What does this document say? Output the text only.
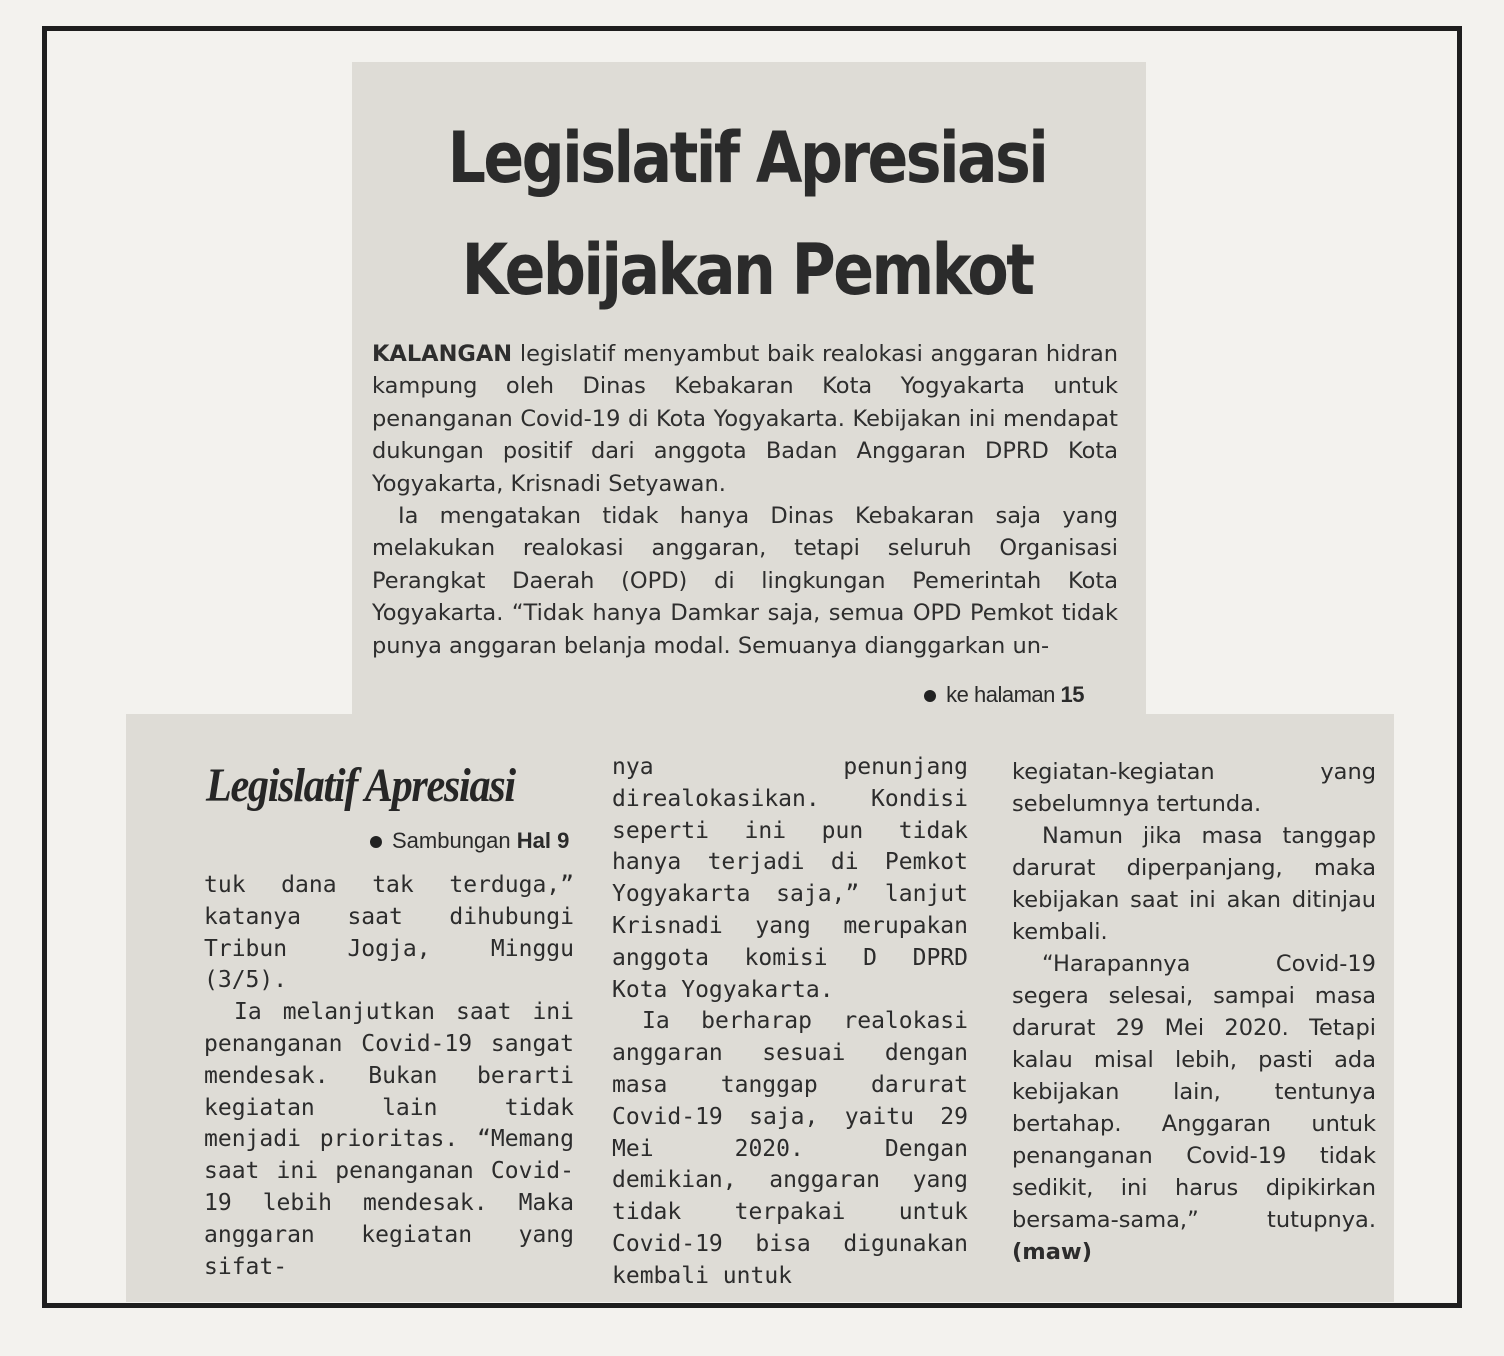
Legislatif Apresiasi
Kebijakan Pemkot

KALANGAN legislatif menyambut baik realokasi anggaran hidran kampung oleh Dinas Kebakaran Kota Yogyakarta untuk penanganan Covid-19 di Kota Yogyakarta. Kebijakan ini mendapat dukungan positif dari anggota Badan Anggaran DPRD Kota Yogyakarta, Krisnadi Setyawan.

Ia mengatakan tidak hanya Dinas Kebakaran saja yang melakukan realokasi anggaran, tetapi seluruh Organisasi Perangkat Daerah (OPD) di lingkungan Pemerintah Kota Yogyakarta. “Tidak hanya Damkar saja, semua OPD Pemkot tidak punya anggaran belanja modal. Semuanya dianggarkan un-

ke halaman 15
Legislatif Apresiasi
Sambungan Hal 9

tuk dana tak terduga,” katanya saat dihubungi Tribun Jogja, Minggu (3/5).

Ia melanjutkan saat ini penanganan Covid-19 sangat mendesak. Bukan berarti kegiatan lain tidak menjadi prioritas. “Memang saat ini penanganan Covid-19 lebih mendesak. Maka anggaran kegiatan yang sifat-

nya penunjang direalokasikan. Kondisi seperti ini pun tidak hanya terjadi di Pemkot Yogyakarta saja,” lanjut Krisnadi yang merupakan anggota komisi D DPRD Kota Yogyakarta.

Ia berharap realokasi anggaran sesuai dengan masa tanggap darurat Covid-19 saja, yaitu 29 Mei 2020. Dengan demikian, anggaran yang tidak terpakai untuk Covid-19 bisa digunakan kembali untuk

kegiatan-kegiatan yang sebelumnya tertunda.

Namun jika masa tanggap darurat diperpanjang, maka kebijakan saat ini akan ditinjau kembali.

“Harapannya Covid-19 segera selesai, sampai masa darurat 29 Mei 2020. Tetapi kalau misal lebih, pasti ada kebijakan lain, tentunya bertahap. Anggaran untuk penanganan Covid-19 tidak sedikit, ini harus dipikirkan bersama-sama,” tutupnya. (maw)
